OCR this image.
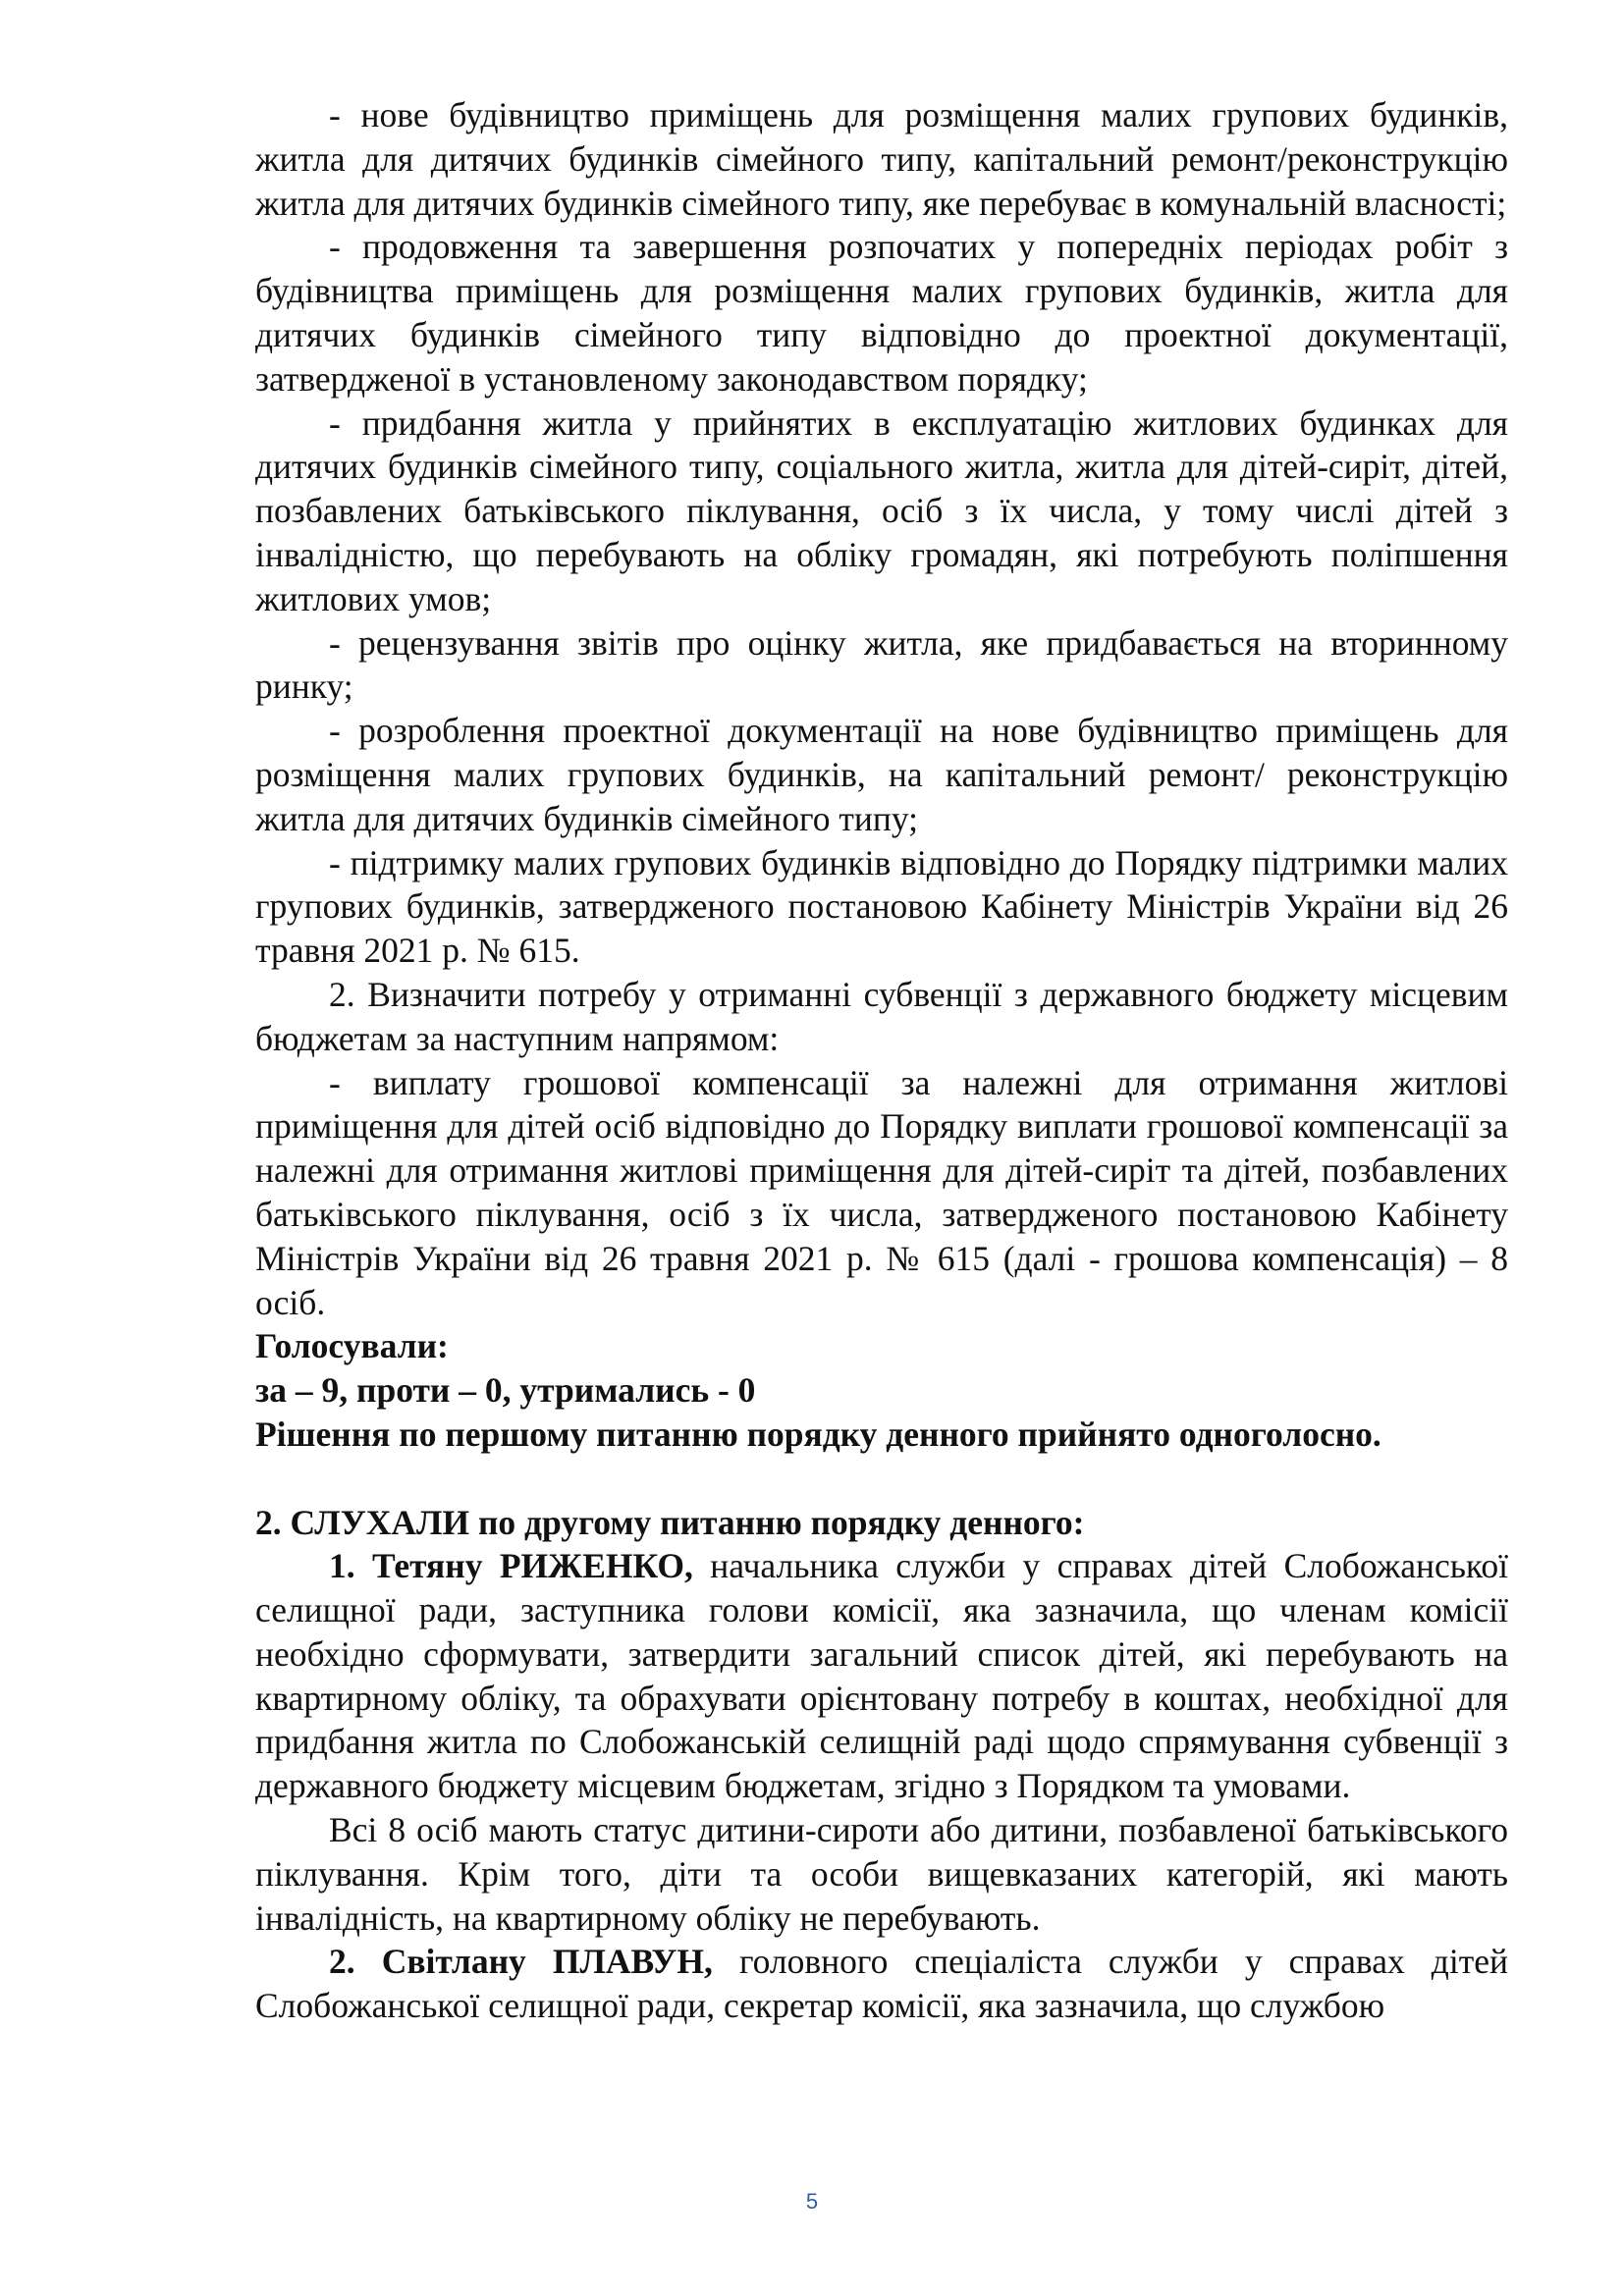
- нове будівництво приміщень для розміщення малих групових будинків, житла для дитячих будинків сімейного типу, капітальний ремонт/реконструкцію житла для дитячих будинків сімейного типу, яке перебуває в комунальній власності;

- продовження та завершення розпочатих у попередніх періодах робіт з будівництва приміщень для розміщення малих групових будинків, житла для дитячих будинків сімейного типу відповідно до проектної документації, затвердженої в установленому законодавством порядку;

- придбання житла у прийнятих в експлуатацію житлових будинках для дитячих будинків сімейного типу, соціального житла, житла для дітей-сиріт, дітей, позбавлених батьківського піклування, осіб з їх числа, у тому числі дітей з інвалідністю, що перебувають на обліку громадян, які потребують поліпшення житлових умов;

- рецензування звітів про оцінку житла, яке придбавається на вторинному ринку;

- розроблення проектної документації на нове будівництво приміщень для розміщення малих групових будинків, на капітальний ремонт/ реконструкцію житла для дитячих будинків сімейного типу;

- підтримку малих групових будинків відповідно до Порядку підтримки малих групових будинків, затвердженого постановою Кабінету Міністрів України від 26 травня 2021 р. № 615.

2. Визначити потребу у отриманні субвенції з державного бюджету місцевим бюджетам за наступним напрямом:

- виплату грошової компенсації за належні для отримання житлові приміщення для дітей осіб відповідно до Порядку виплати грошової компенсації за належні для отримання житлові приміщення для дітей-сиріт та дітей, позбавлених батьківського піклування, осіб з їх числа, затвердженого постановою Кабінету Міністрів України від 26 травня 2021 р. № 615 (далі - грошова компенсація) – 8 осіб.

Голосували:

за – 9, проти – 0, утримались - 0

Рішення по першому питанню порядку денного прийнято одноголосно.

2. СЛУХАЛИ по другому питанню порядку денного:

1. Тетяну РИЖЕНКО, начальника служби у справах дітей Слобожанської селищної ради, заступника голови комісії, яка зазначила, що членам комісії необхідно сформувати, затвердити загальний список дітей, які перебувають на квартирному обліку, та обрахувати орієнтовану потребу в коштах, необхідної для придбання житла по Слобожанській селищній раді щодо спрямування субвенції з державного бюджету місцевим бюджетам, згідно з Порядком та умовами.

Всі 8 осіб мають статус дитини-сироти або дитини, позбавленої батьківського піклування. Крім того, діти та особи вищевказаних категорій, які мають інвалідність, на квартирному обліку не перебувають.

2. Світлану ПЛАВУН, головного спеціаліста служби у справах дітей Слобожанської селищної ради, секретар комісії, яка зазначила, що службою

5
